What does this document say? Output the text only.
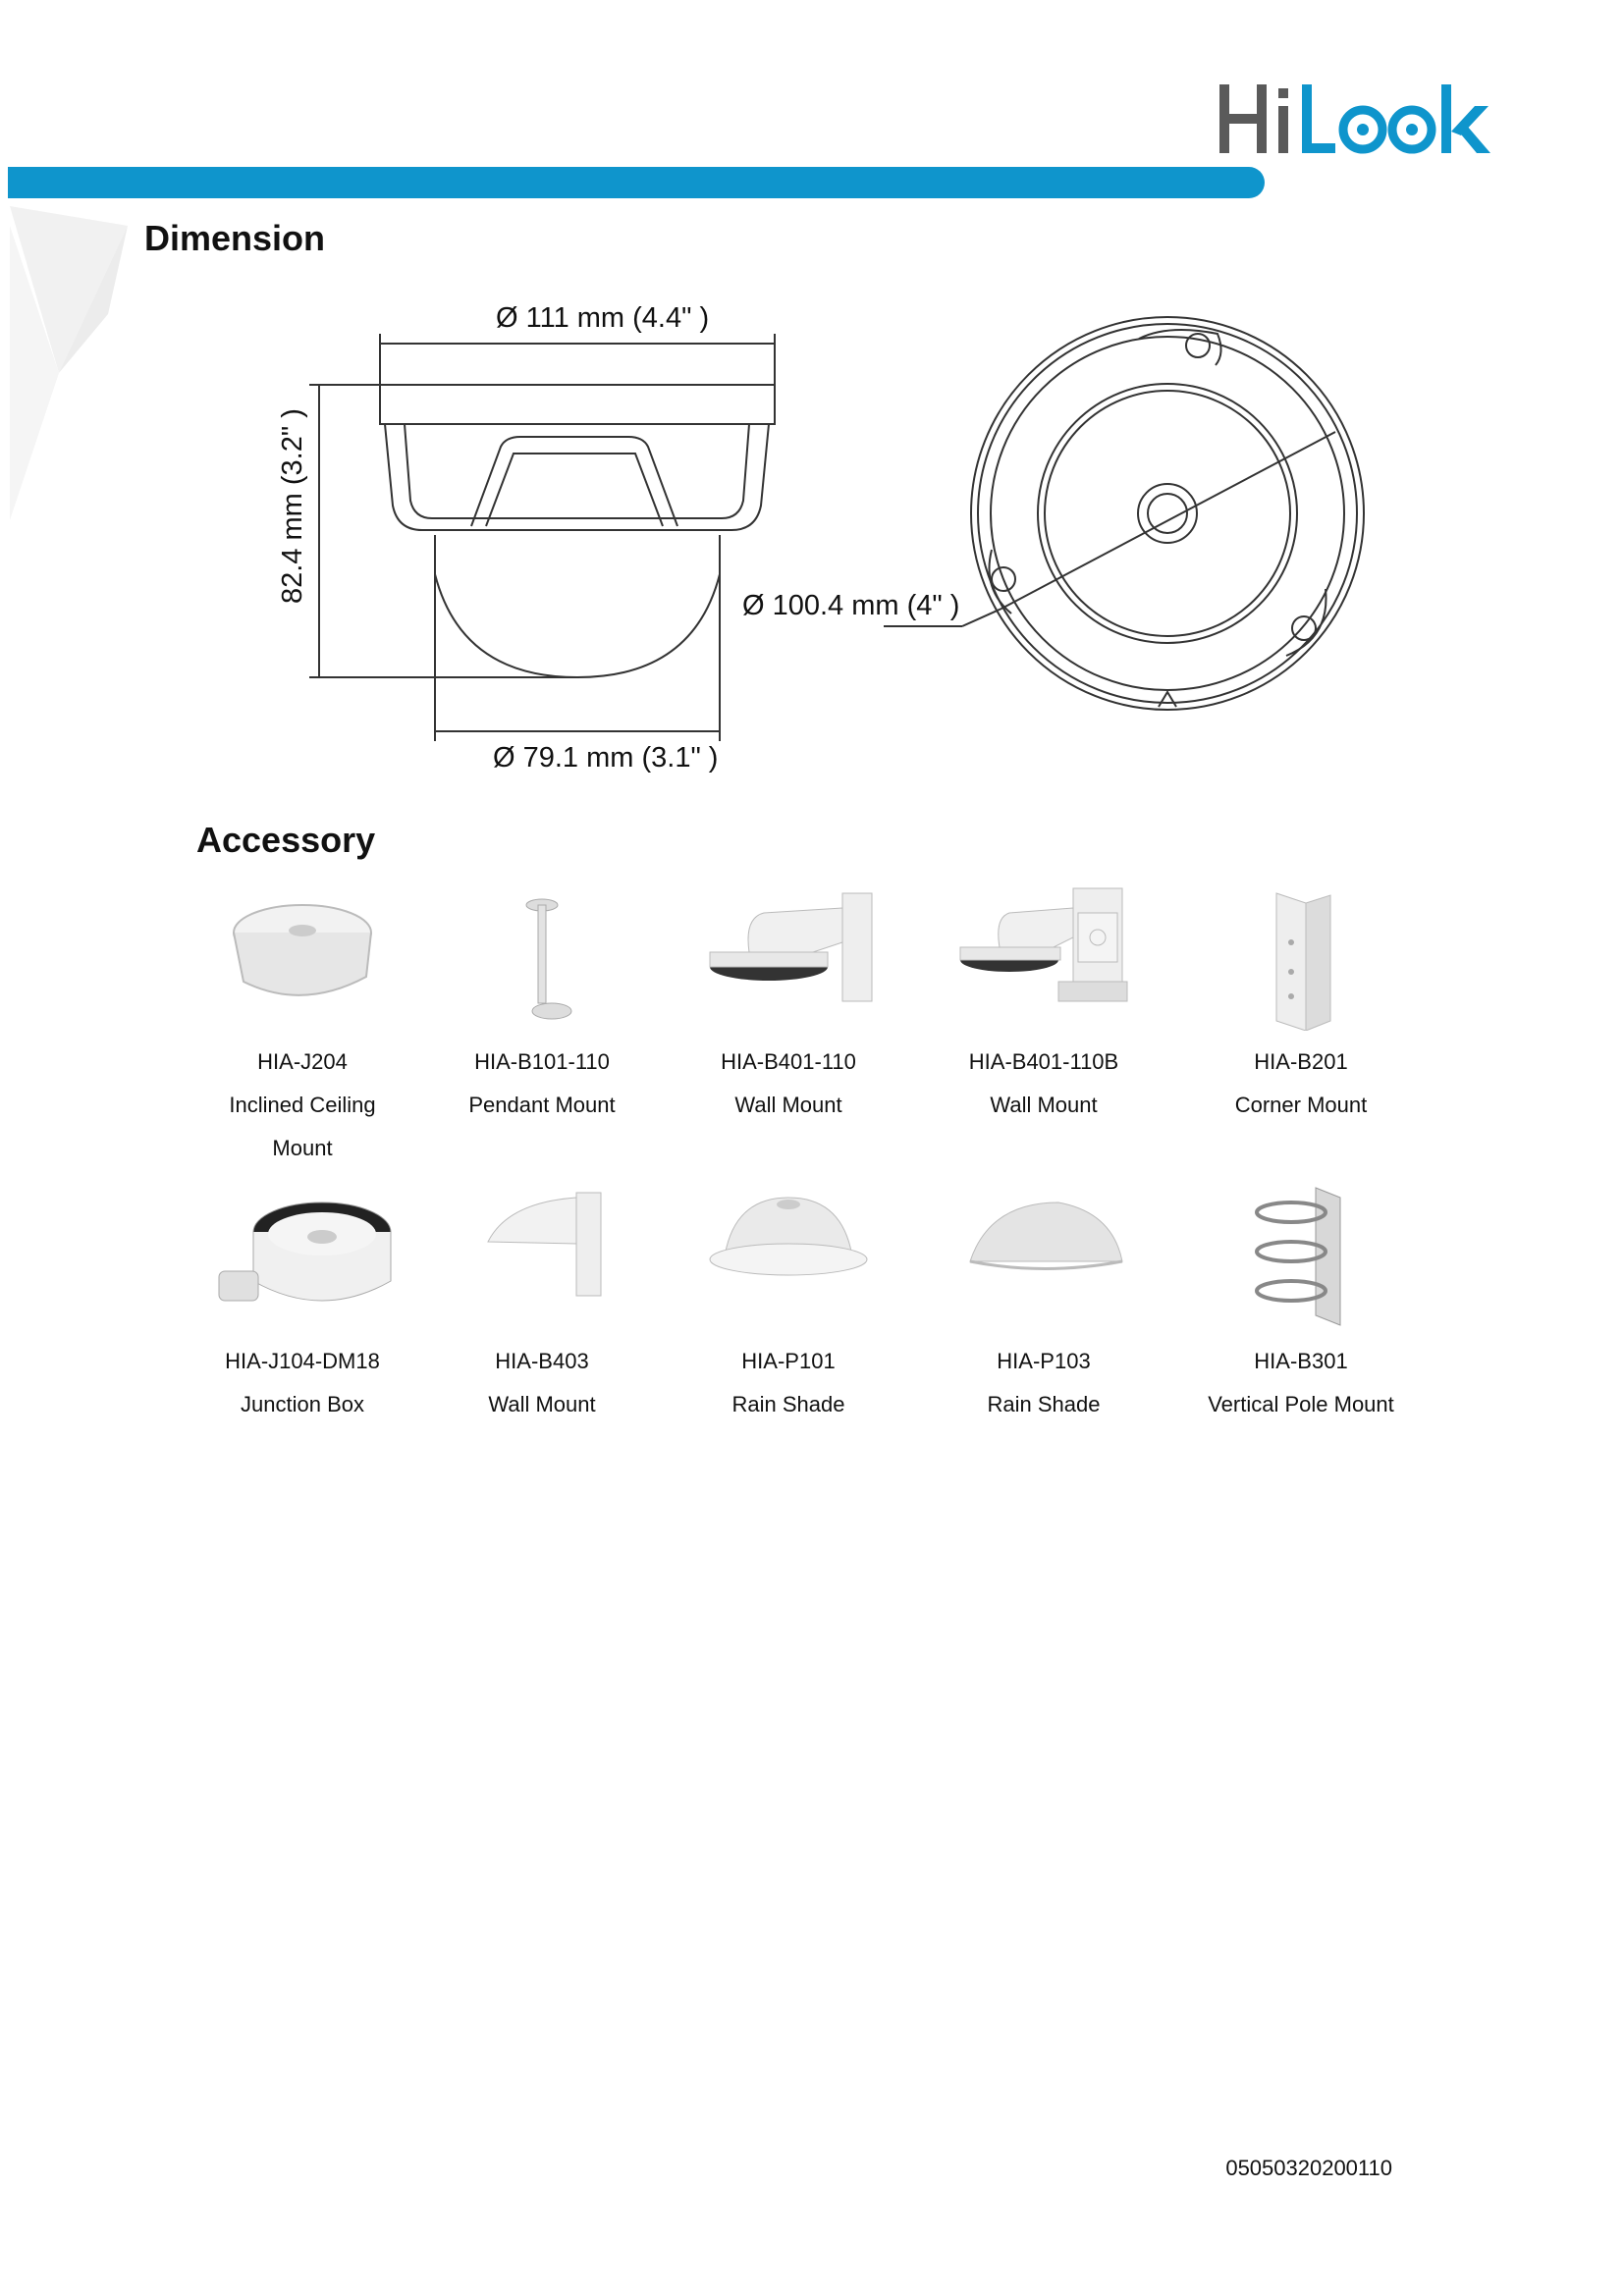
Dimension
Ø 111 mm (4.4" )
82.4 mm (3.2" )
Ø 79.1 mm (3.1" )
Ø 100.4 mm (4" )
Accessory
HIA-J204
Inclined Ceiling Mount
HIA-B101-110
Pendant Mount
HIA-B401-110
Wall Mount
HIA-B401-110B
Wall Mount
HIA-B201
Corner Mount
HIA-J104-DM18
Junction Box
HIA-B403
Wall Mount
HIA-P101
Rain Shade
HIA-P103
Rain Shade
HIA-B301
Vertical Pole Mount
05050320200110
